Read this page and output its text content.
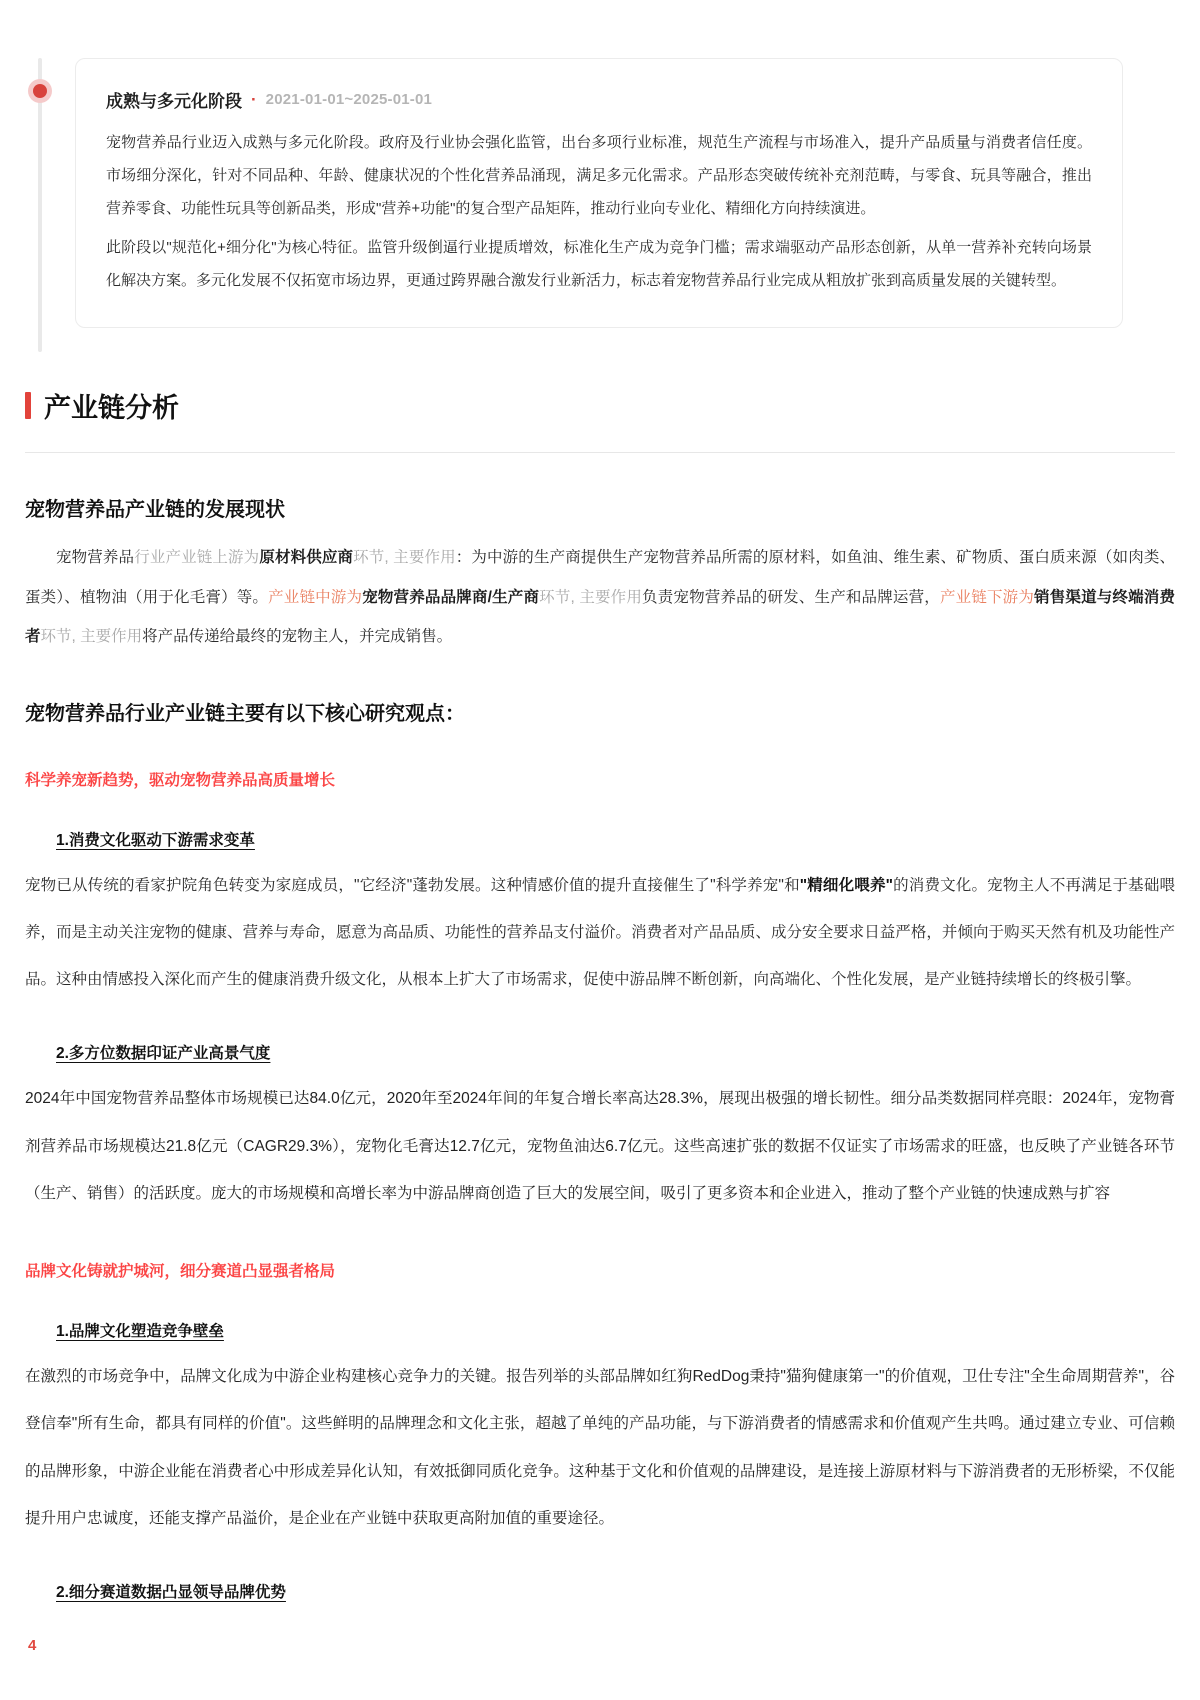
成熟与多元化阶段 · 2021-01-01~2025-01-01

宠物营养品行业迈入成熟与多元化阶段。政府及行业协会强化监管，出台多项行业标准，规范生产流程与市场准入，提升产品质量与消费者信任度。市场细分深化，针对不同品种、年龄、健康状况的个性化营养品涌现，满足多元化需求。产品形态突破传统补充剂范畴，与零食、玩具等融合，推出营养零食、功能性玩具等创新品类，形成"营养+功能"的复合型产品矩阵，推动行业向专业化、精细化方向持续演进。

此阶段以"规范化+细分化"为核心特征。监管升级倒逼行业提质增效，标准化生产成为竞争门槛；需求端驱动产品形态创新，从单一营养补充转向场景化解决方案。多元化发展不仅拓宽市场边界，更通过跨界融合激发行业新活力，标志着宠物营养品行业完成从粗放扩张到高质量发展的关键转型。

产业链分析
宠物营养品产业链的发展现状

宠物营养品行业产业链上游为原材料供应商环节, 主要作用：为中游的生产商提供生产宠物营养品所需的原材料，如鱼油、维生素、矿物质、蛋白质来源（如肉类、蛋类）、植物油（用于化毛膏）等。产业链中游为宠物营养品品牌商/生产商环节, 主要作用负责宠物营养品的研发、生产和品牌运营，产业链下游为销售渠道与终端消费者环节, 主要作用将产品传递给最终的宠物主人，并完成销售。

宠物营养品行业产业链主要有以下核心研究观点：

科学养宠新趋势，驱动宠物营养品高质量增长

1.消费文化驱动下游需求变革

宠物已从传统的看家护院角色转变为家庭成员，"它经济"蓬勃发展。这种情感价值的提升直接催生了"科学养宠"和"精细化喂养"的消费文化。宠物主人不再满足于基础喂养，而是主动关注宠物的健康、营养与寿命，愿意为高品质、功能性的营养品支付溢价。消费者对产品品质、成分安全要求日益严格，并倾向于购买天然有机及功能性产品。这种由情感投入深化而产生的健康消费升级文化，从根本上扩大了市场需求，促使中游品牌不断创新，向高端化、个性化发展，是产业链持续增长的终极引擎。

2.多方位数据印证产业高景气度

2024年中国宠物营养品整体市场规模已达84.0亿元，2020年至2024年间的年复合增长率高达28.3%，展现出极强的增长韧性。细分品类数据同样亮眼：2024年，宠物膏剂营养品市场规模达21.8亿元（CAGR29.3%），宠物化毛膏达12.7亿元，宠物鱼油达6.7亿元。这些高速扩张的数据不仅证实了市场需求的旺盛，也反映了产业链各环节（生产、销售）的活跃度。庞大的市场规模和高增长率为中游品牌商创造了巨大的发展空间，吸引了更多资本和企业进入，推动了整个产业链的快速成熟与扩容

品牌文化铸就护城河，细分赛道凸显强者格局

1.品牌文化塑造竞争壁垒

在激烈的市场竞争中，品牌文化成为中游企业构建核心竞争力的关键。报告列举的头部品牌如红狗RedDog秉持"猫狗健康第一"的价值观，卫仕专注"全生命周期营养"，谷登信奉"所有生命，都具有同样的价值"。这些鲜明的品牌理念和文化主张，超越了单纯的产品功能，与下游消费者的情感需求和价值观产生共鸣。通过建立专业、可信赖的品牌形象，中游企业能在消费者心中形成差异化认知，有效抵御同质化竞争。这种基于文化和价值观的品牌建设，是连接上游原材料与下游消费者的无形桥梁，不仅能提升用户忠诚度，还能支撑产品溢价，是企业在产业链中获取更高附加值的重要途径。

2.细分赛道数据凸显领导品牌优势

4
